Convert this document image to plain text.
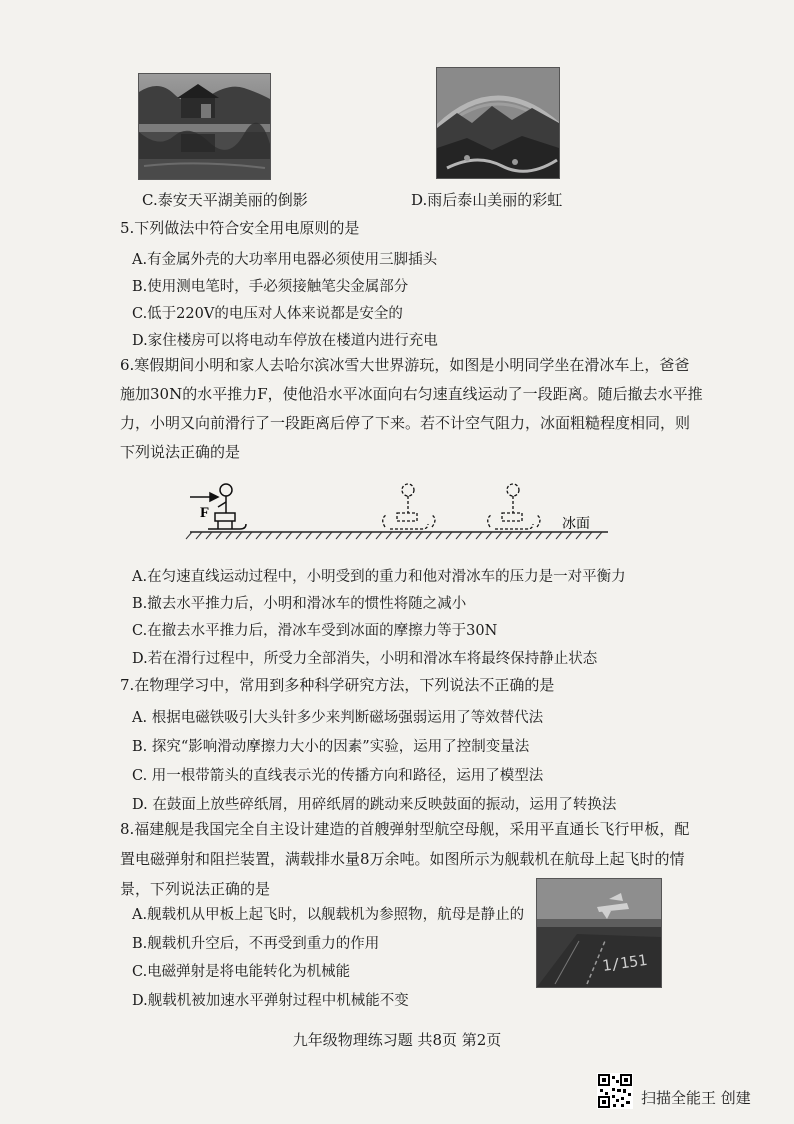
C.泰安天平湖美丽的倒影	D.雨后泰山美丽的彩虹
5.下列做法中符合安全用电原则的是
A.有金属外壳的大功率用电器必须使用三脚插头
B.使用测电笔时，手必须接触笔尖金属部分
C.低于220V的电压对人体来说都是安全的
D.家住楼房可以将电动车停放在楼道内进行充电
6.寒假期间小明和家人去哈尔滨冰雪大世界游玩，如图是小明同学坐在滑冰车上，爸爸
施加30N的水平推力F，使他沿水平冰面向右匀速直线运动了一段距离。随后撤去水平推
力，小明又向前滑行了一段距离后停了下来。若不计空气阻力，冰面粗糙程度相同，则
下列说法正确的是
F
冰面
A.在匀速直线运动过程中，小明受到的重力和他对滑冰车的压力是一对平衡力
B.撤去水平推力后，小明和滑冰车的惯性将随之减小
C.在撤去水平推力后，滑冰车受到冰面的摩擦力等于30N
D.若在滑行过程中，所受力全部消失，小明和滑冰车将最终保持静止状态
7.在物理学习中，常用到多种科学研究方法，下列说法不正确的是
A. 根据电磁铁吸引大头针多少来判断磁场强弱运用了等效替代法
B. 探究“影响滑动摩擦力大小的因素”实验，运用了控制变量法
C. 用一根带箭头的直线表示光的传播方向和路径，运用了模型法
D. 在鼓面上放些碎纸屑，用碎纸屑的跳动来反映鼓面的振动，运用了转换法
8.福建舰是我国完全自主设计建造的首艘弹射型航空母舰，采用平直通长飞行甲板，配
置电磁弹射和阻拦装置，满载排水量8万余吨。如图所示为舰载机在航母上起飞时的情
景，下列说法正确的是
1/151
A.舰载机从甲板上起飞时，以舰载机为参照物，航母是静止的
B.舰载机升空后，不再受到重力的作用
C.电磁弹射是将电能转化为机械能
D.舰载机被加速水平弹射过程中机械能不变
九年级物理练习题 共8页 第2页
扫描全能王 创建
